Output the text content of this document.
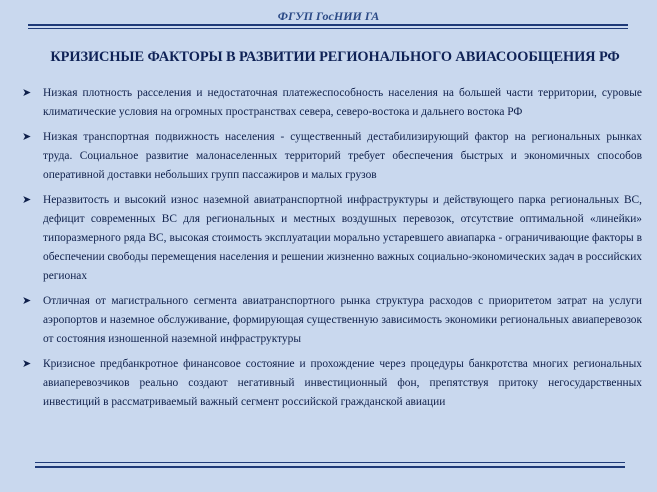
ФГУП ГосНИИ ГА
КРИЗИСНЫЕ ФАКТОРЫ В РАЗВИТИИ РЕГИОНАЛЬНОГО АВИАСООБЩЕНИЯ РФ
➤ Низкая плотность расселения и недостаточная платежеспособность населения на большей части территории, суровые климатические условия на огромных пространствах севера, северо-востока и дальнего востока РФ
➤ Низкая транспортная подвижность населения - существенный дестабилизирующий фактор на региональных рынках труда. Социальное развитие малонаселенных территорий требует обеспечения быстрых и экономичных способов оперативной доставки небольших групп пассажиров и малых грузов
➤ Неразвитость и высокий износ наземной авиатранспортной инфраструктуры и действующего парка региональных ВС, дефицит современных ВС для региональных и местных воздушных перевозок, отсутствие оптимальной «линейки» типоразмерного ряда ВС, высокая стоимость эксплуатации морально устаревшего авиапарка - ограничивающие факторы в обеспечении свободы перемещения населения и решении жизненно важных социально-экономических задач в российских регионах
➤ Отличная от магистрального сегмента авиатранспортного рынка структура расходов с приоритетом затрат на услуги аэропортов и наземное обслуживание, формирующая существенную зависимость экономики региональных авиаперевозок от состояния изношенной наземной инфраструктуры
➤ Кризисное предбанкротное финансовое состояние и прохождение через процедуры банкротства многих региональных авиаперевозчиков реально создают негативный инвестиционный фон, препятствуя притоку негосударственных инвестиций в рассматриваемый важный сегмент российской гражданской авиации
